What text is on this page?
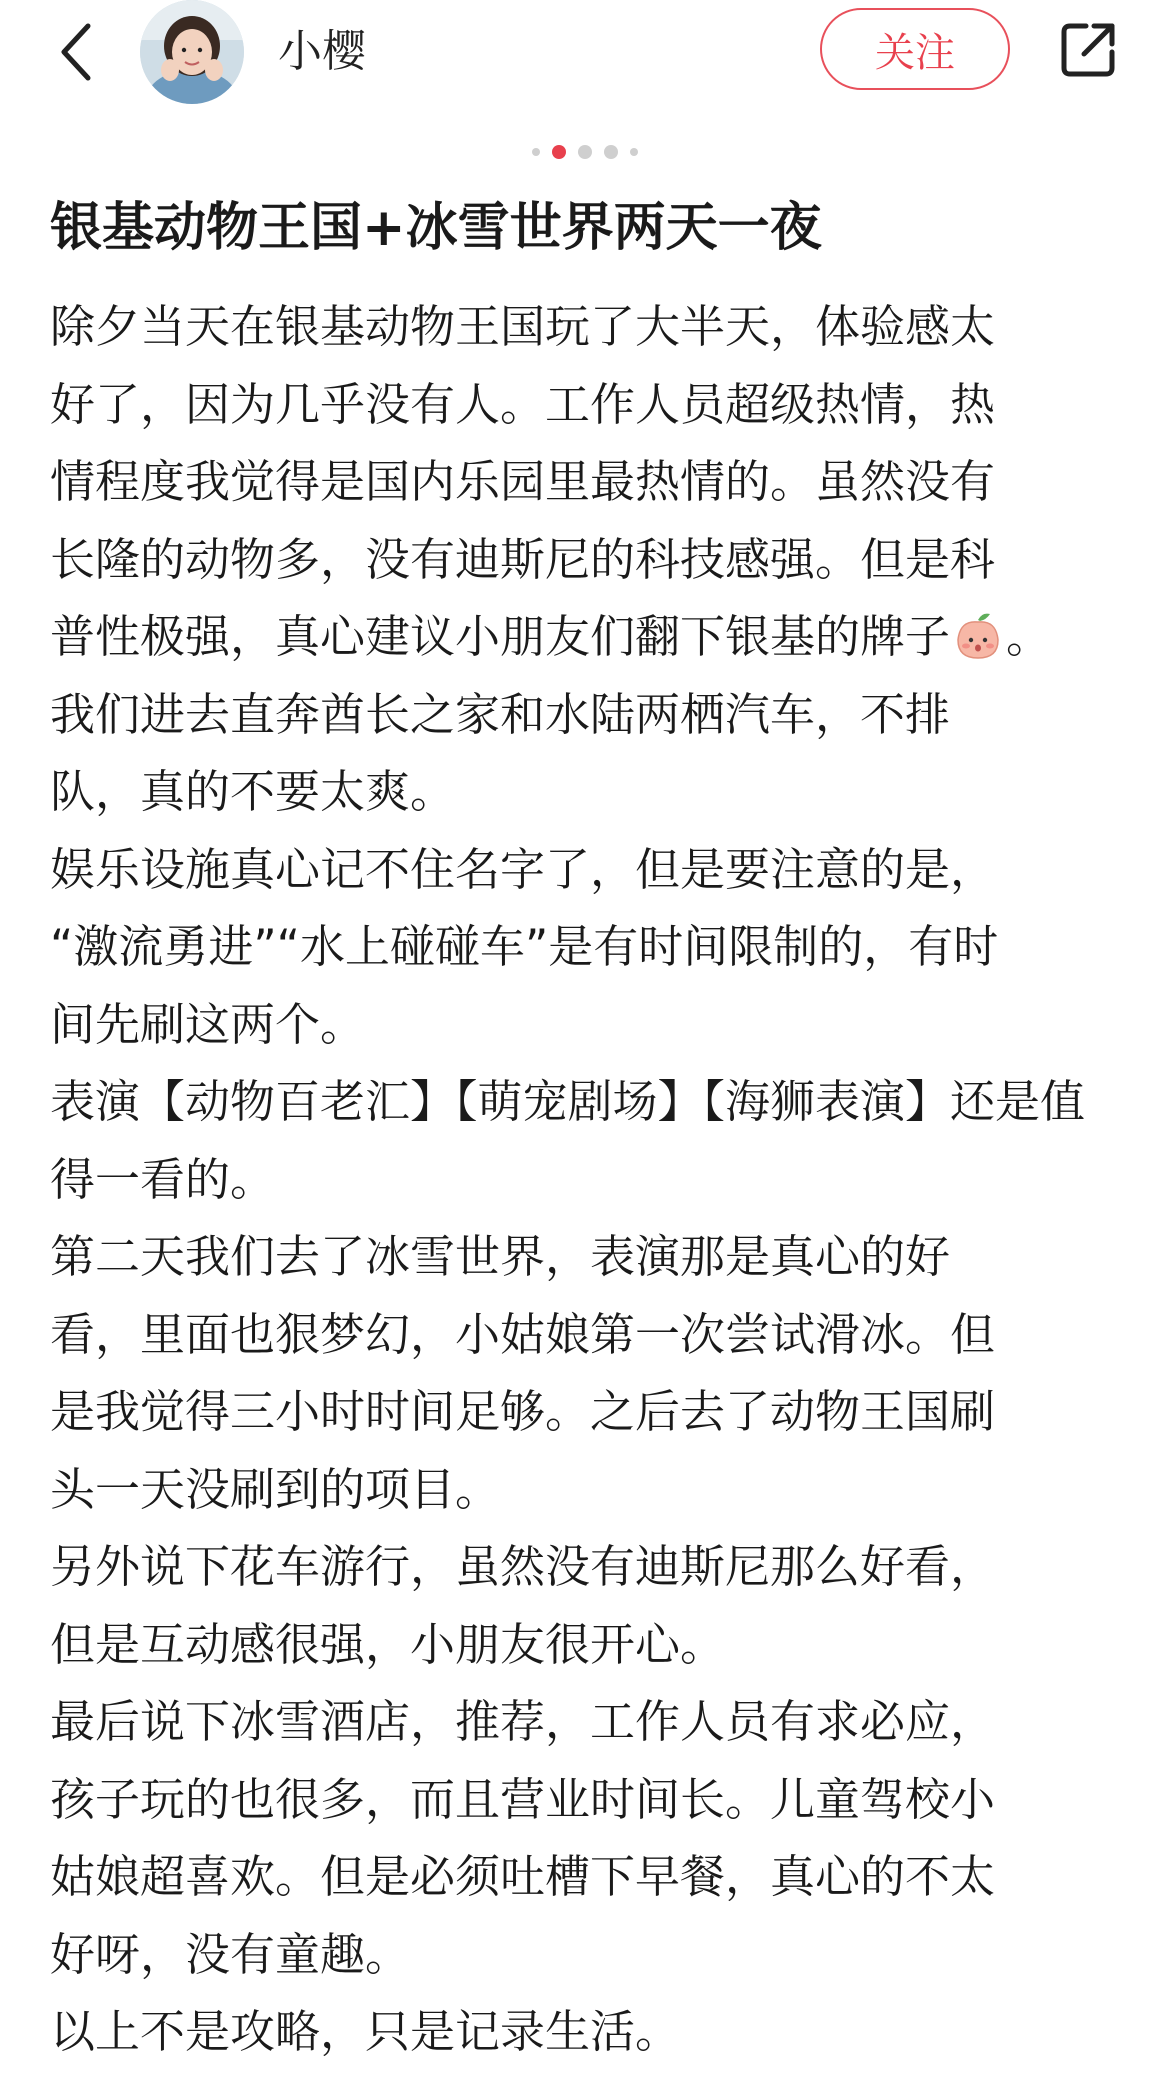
小樱	关注
银基动物王国+冰雪世界两天一夜
除夕当天在银基动物王国玩了大半天，体验感太
好了，因为几乎没有人。工作人员超级热情，热
情程度我觉得是国内乐园里最热情的。虽然没有
长隆的动物多，没有迪斯尼的科技感强。但是科
普性极强，真心建议小朋友们翻下银基的牌子 。
我们进去直奔酋长之家和水陆两栖汽车，不排
队，真的不要太爽。
娱乐设施真心记不住名字了，但是要注意的是，
“激流勇进”“水上碰碰车”是有时间限制的，有时
间先刷这两个。
表演【动物百老汇】【萌宠剧场】【海狮表演】还是值
得一看的。
第二天我们去了冰雪世界，表演那是真心的好
看，里面也狠梦幻，小姑娘第一次尝试滑冰。但
是我觉得三小时时间足够。之后去了动物王国刷
头一天没刷到的项目。
另外说下花车游行，虽然没有迪斯尼那么好看，
但是互动感很强，小朋友很开心。
最后说下冰雪酒店，推荐，工作人员有求必应，
孩子玩的也很多，而且营业时间长。儿童驾校小
姑娘超喜欢。但是必须吐槽下早餐，真心的不太
好呀，没有童趣。
以上不是攻略，只是记录生活。
